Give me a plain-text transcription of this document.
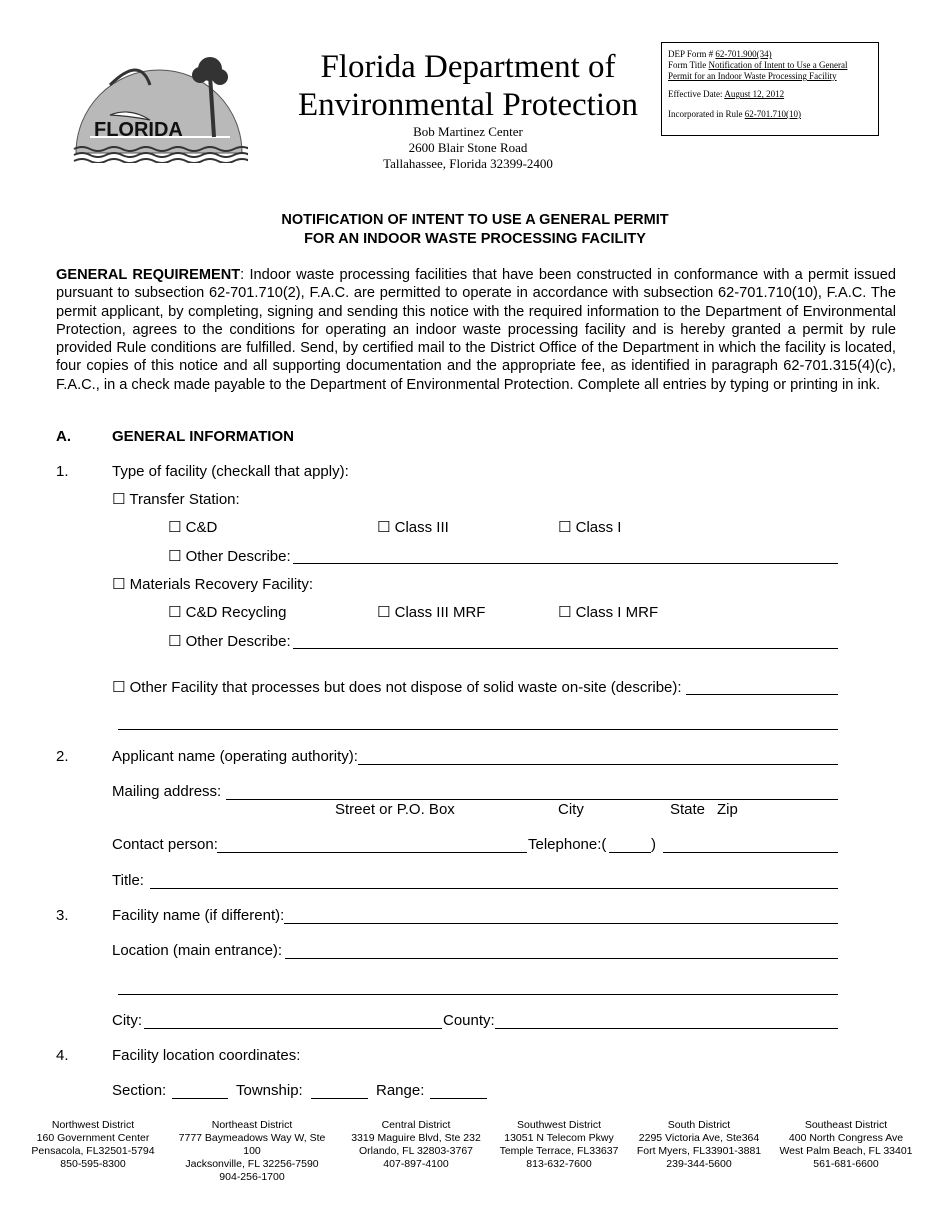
FLORIDA
Florida Department of
Environmental Protection
Bob Martinez Center
2600 Blair Stone Road
Tallahassee, Florida 32399-2400
DEP Form # 62-701.900(34)
Form Title Notification of Intent to Use a General
Permit for an Indoor Waste Processing Facility
Effective Date: August 12, 2012
Incorporated in Rule 62-701.710(10)
NOTIFICATION OF INTENT TO USE A GENERAL PERMIT
FOR AN INDOOR WASTE PROCESSING FACILITY
GENERAL REQUIREMENT: Indoor waste processing facilities that have been constructed in conformance with a permit issued pursuant to subsection 62-701.710(2), F.A.C. are permitted to operate in accordance with subsection 62-701.710(10), F.A.C. The permit applicant, by completing, signing and sending this notice with the required information to the Department of Environmental Protection, agrees to the conditions for operating an indoor waste processing facility and is hereby granted a permit by rule provided Rule conditions are fulfilled. Send, by certified mail to the District Office of the Department in which the facility is located, four copies of this notice and all supporting documentation and the appropriate fee, as identified in paragraph 62-701.315(4)(c), F.A.C., in a check made payable to the Department of Environmental Protection. Complete all entries by typing or printing in ink.
A.	GENERAL INFORMATION
1.	Type of facility (checkall that apply):
☐ Transfer Station:
☐ C&D	☐ Class III	☐ Class I
☐ Other Describe:
☐ Materials Recovery Facility:
☐ C&D Recycling	☐ Class III MRF	☐ Class I MRF
☐ Other Describe:
☐ Other Facility that processes but does not dispose of solid waste on-site (describe):
2.	Applicant name (operating authority):
Mailing address:
Street or P.O. Box	City	State Zip
Contact person:	Telephone:(	)
Title:
3.	Facility name (if different):
Location (main entrance):
City:	County:
4.	Facility location coordinates:
Section:	Township:	Range:
Northwest District
160 Government Center
Pensacola, FL32501-5794
850-595-8300
Northeast District
7777 Baymeadows Way W, Ste 100
Jacksonville, FL 32256-7590
904-256-1700
Central District
3319 Maguire Blvd, Ste 232
Orlando, FL 32803-3767
407-897-4100
Southwest District
13051 N Telecom Pkwy
Temple Terrace, FL33637
813-632-7600
South District
2295 Victoria Ave, Ste364
Fort Myers, FL33901-3881
239-344-5600
Southeast District
400 North Congress Ave
West Palm Beach, FL 33401
561-681-6600
